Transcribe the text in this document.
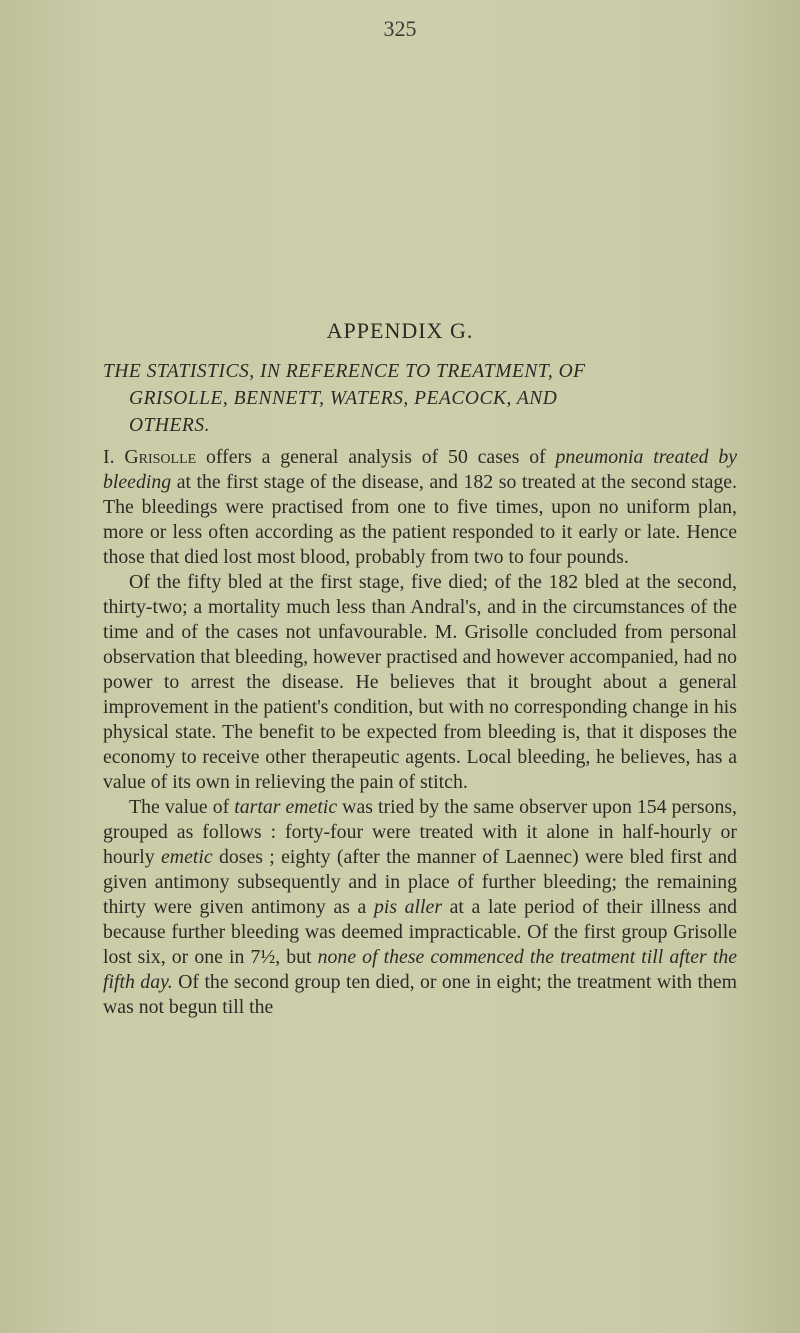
325
APPENDIX G.
THE STATISTICS, IN REFERENCE TO TREATMENT, OF
GRISOLLE, BENNETT, WATERS, PEACOCK, AND
OTHERS.

I. Grisolle offers a general analysis of 50 cases of pneumonia treated by bleeding at the first stage of the disease, and 182 so treated at the second stage. The bleedings were practised from one to five times, upon no uniform plan, more or less often according as the patient responded to it early or late. Hence those that died lost most blood, probably from two to four pounds.

Of the fifty bled at the first stage, five died; of the 182 bled at the second, thirty-two; a mortality much less than Andral's, and in the circumstances of the time and of the cases not unfavourable. M. Grisolle concluded from personal observation that bleeding, however practised and however accompanied, had no power to arrest the disease. He believes that it brought about a general improvement in the patient's condition, but with no corresponding change in his physical state. The benefit to be expected from bleeding is, that it disposes the economy to receive other therapeutic agents. Local bleeding, he believes, has a value of its own in relieving the pain of stitch.

The value of tartar emetic was tried by the same observer upon 154 persons, grouped as follows : forty-four were treated with it alone in half-hourly or hourly emetic doses ; eighty (after the manner of Laennec) were bled first and given antimony subsequently and in place of further bleeding; the remaining thirty were given antimony as a pis aller at a late period of their illness and because further bleeding was deemed impracticable. Of the first group Grisolle lost six, or one in 7½, but none of these commenced the treatment till after the fifth day. Of the second group ten died, or one in eight; the treatment with them was not begun till the
